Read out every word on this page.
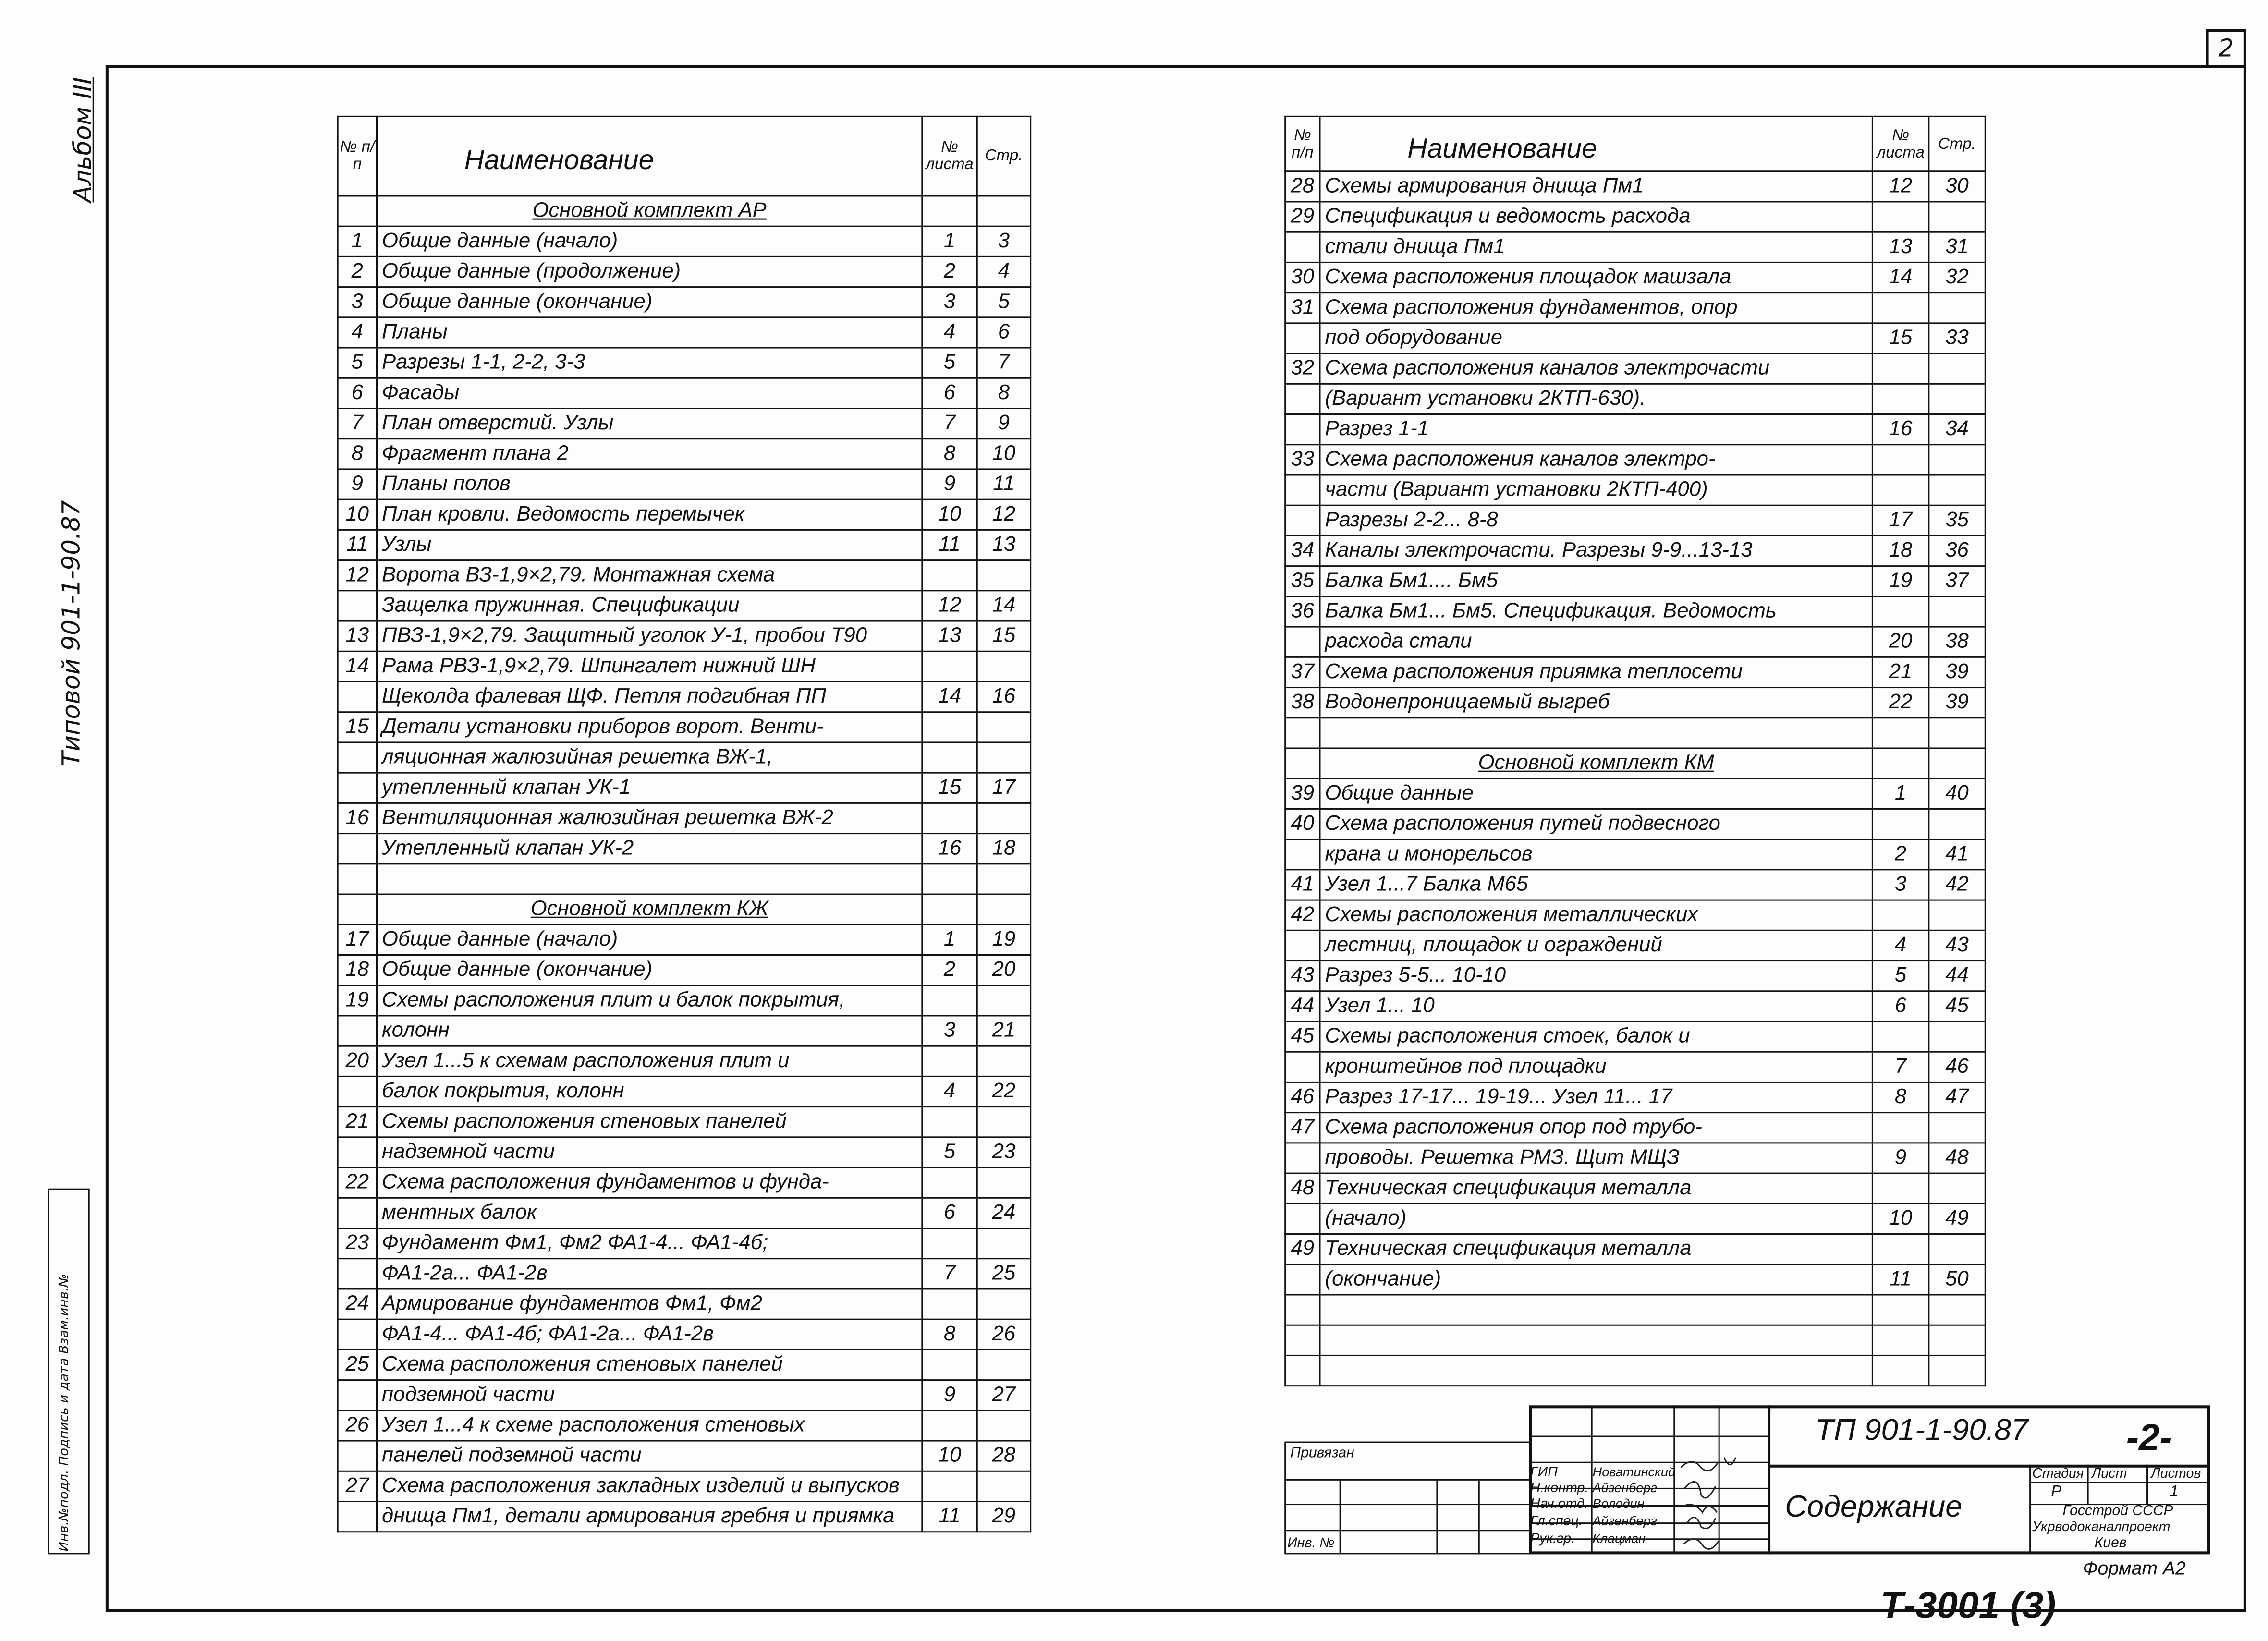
2
Альбом III
Типовой 901-1-90.87
Инв.№подл. Подпись и дата Взам.инв.№
№ п/п	Наименование	№ листа	Стр.
	Основной комплект АР		
1	Общие данные (начало)	1	3
2	Общие данные (продолжение)	2	4
3	Общие данные (окончание)	3	5
4	Планы	4	6
5	Разрезы 1-1, 2-2, 3-3	5	7
6	Фасады	6	8
7	План отверстий. Узлы	7	9
8	Фрагмент плана 2	8	10
9	Планы полов	9	11
10	План кровли. Ведомость перемычек	10	12
11	Узлы	11	13
12	Ворота ВЗ-1,9×2,79. Монтажная схема		
	Защелка пружинная. Спецификации	12	14
13	ПВЗ-1,9×2,79. Защитный уголок У-1, пробои Т90	13	15
14	Рама РВЗ-1,9×2,79. Шпингалет нижний ШН		
	Щеколда фалевая ЩФ. Петля подгибная ПП	14	16
15	Детали установки приборов ворот. Венти-		
	ляционная жалюзийная решетка ВЖ-1,		
	утепленный клапан УК-1	15	17
16	Вентиляционная жалюзийная решетка ВЖ-2		
	Утепленный клапан УК-2	16	18

	Основной комплект КЖ		
17	Общие данные (начало)	1	19
18	Общие данные (окончание)	2	20
19	Схемы расположения плит и балок покрытия,		
	колонн	3	21
20	Узел 1...5 к схемам расположения плит и		
	балок покрытия, колонн	4	22
21	Схемы расположения стеновых панелей		
	надземной части	5	23
22	Схема расположения фундаментов и фунда-		
	ментных балок	6	24
23	Фундамент Фм1, Фм2 ФА1-4... ФА1-4б;		
	ФА1-2а... ФА1-2в	7	25
24	Армирование фундаментов Фм1, Фм2		
	ФА1-4... ФА1-4б; ФА1-2а... ФА1-2в	8	26
25	Схема расположения стеновых панелей		
	подземной части	9	27
26	Узел 1...4 к схеме расположения стеновых		
	панелей подземной части	10	28
27	Схема расположения закладных изделий и выпусков		
	днища Пм1, детали армирования гребня и приямка	11	29
№ п/п	Наименование	№ листа	Стр.
28	Схемы армирования днища Пм1	12	30
29	Спецификация и ведомость расхода		
	стали днища Пм1	13	31
30	Схема расположения площадок машзала	14	32
31	Схема расположения фундаментов, опор		
	под оборудование	15	33
32	Схема расположения каналов электрочасти		
	(Вариант установки 2КТП-630).		
	Разрез 1-1	16	34
33	Схема расположения каналов электро-		
	части (Вариант установки 2КТП-400)		
	Разрезы 2-2... 8-8	17	35
34	Каналы электрочасти. Разрезы 9-9...13-13	18	36
35	Балка Бм1.... Бм5	19	37
36	Балка Бм1... Бм5. Спецификация. Ведомость		
	расхода стали	20	38
37	Схема расположения приямка теплосети	21	39
38	Водонепроницаемый выгреб	22	39

	Основной комплект КМ		
39	Общие данные	1	40
40	Схема расположения путей подвесного		
	крана и монорельсов	2	41
41	Узел 1...7 Балка М65	3	42
42	Схемы расположения металлических		
	лестниц, площадок и ограждений	4	43
43	Разрез 5-5... 10-10	5	44
44	Узел 1... 10	6	45
45	Схемы расположения стоек, балок и		
	кронштейнов под площадки	7	46
46	Разрез 17-17... 19-19... Узел 11... 17	8	47
47	Схема расположения опор под трубо-		
	проводы. Решетка РМЗ. Щит МЩЗ	9	48
48	Техническая спецификация металла		
	(начало)	10	49
49	Техническая спецификация металла		
	(окончание)	11	50

Привязан
Инв. №
ГИП
Н.контр.
Нач.отд.
Гл.спец.
Рук.гр.
Новатинский
Айзенберг
Володин
Айзенберг
Клацман
ТП 901-1-90.87	-2-
Содержание
Стадия Лист	Листов
Р	1
Госстрой СССР
Укрводоканалпроект
Киев
Формат А2
Т-3001 (3)
